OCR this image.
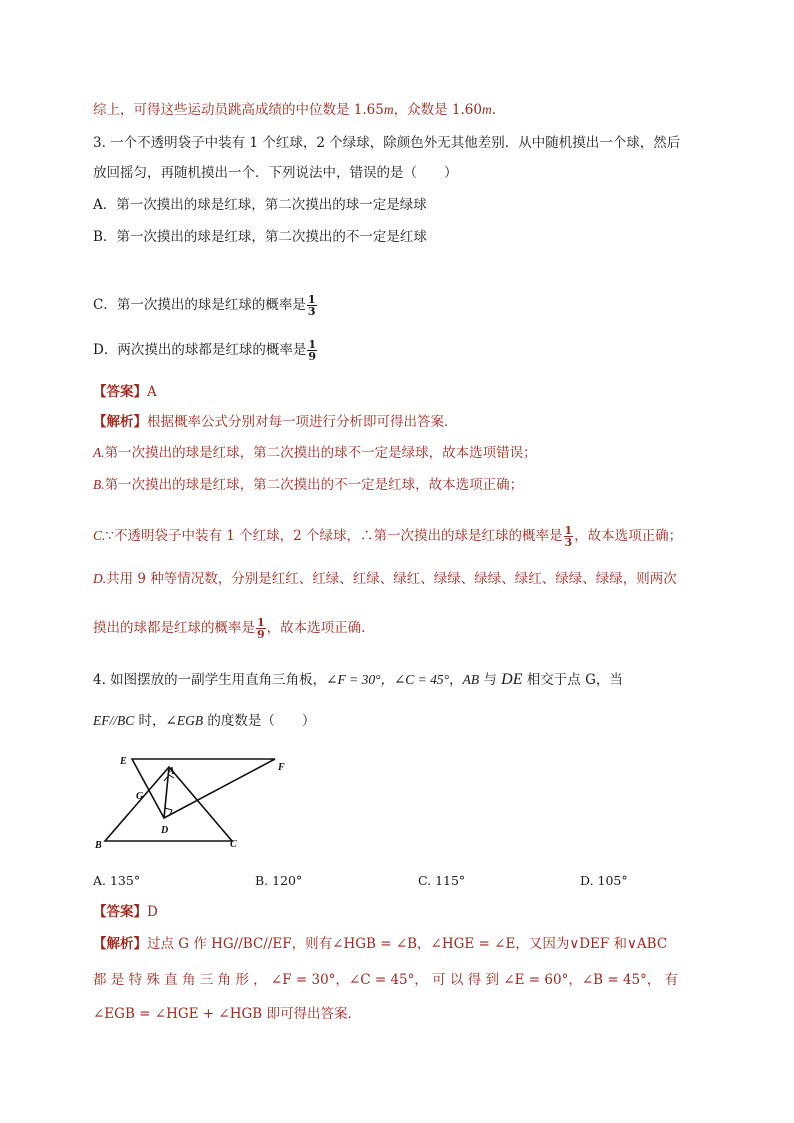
综上，可得这些运动员跳高成绩的中位数是 1.65m，众数是 1.60m.
3. 一个不透明袋子中装有 1 个红球，2 个绿球，除颜色外无其他差别．从中随机摸出一个球，然后
放回摇匀，再随机摸出一个．下列说法中，错误的是（　　）
A．第一次摸出的球是红球，第二次摸出的球一定是绿球
B．第一次摸出的球是红球，第二次摸出的不一定是红球
C．第一次摸出的球是红球的概率是 $\frac{1}{3}$
D．两次摸出的球都是红球的概率是 $\frac{1}{9}$
【答案】A
【解析】根据概率公式分别对每一项进行分析即可得出答案．
A.第一次摸出的球是红球，第二次摸出的球不一定是绿球，故本选项错误；
B.第一次摸出的球是红球，第二次摸出的不一定是红球，故本选项正确；
C.∵不透明袋子中装有 1 个红球，2 个绿球，∴第一次摸出的球是红球的概率是 $\frac{1}{3}$ ，故本选项正确；
D.共用 9 种等情况数，分别是红红、红绿、红绿、绿红、绿绿、绿绿、绿红、绿绿、绿绿，则两次
摸出的球都是红球的概率是 $\frac{1}{9}$ ，故本选项正确.
4. 如图摆放的一副学生用直角三角板，∠F = 30°，∠C = 45°，AB 与 DE 相交于点 G，当
EF//BC 时，∠EGB 的度数是（　　）
E
A	F
G
D
B	C
A. 135°	B. 120°	C. 115°	D. 105°
【答案】D
【解析】过点 G 作 HG//BC//EF，则有∠HGB = ∠B，∠HGE = ∠E，又因为∨DEF 和∨ABC
都 是 特 殊 直 角 三 角 形 ， ∠F = 30°，∠C = 45°， 可 以 得 到 ∠E = 60°，∠B = 45°， 有
∠EGB = ∠HGE + ∠HGB 即可得出答案．
